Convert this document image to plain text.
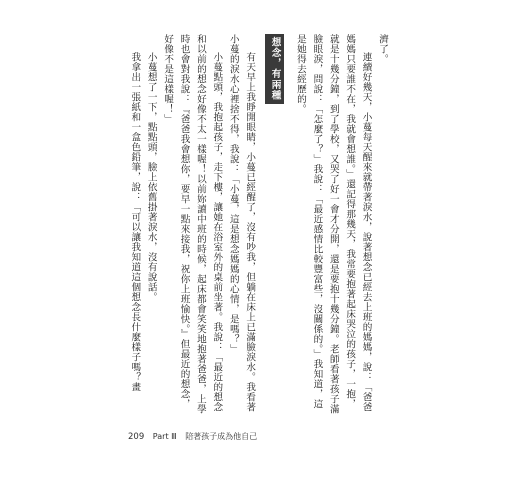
濟了。

連續好幾天，小蔓每天醒來就帶著淚水，說著想念已經去上班的媽媽，說：「爸爸媽媽只要誰不在，我就會想誰。」還記得那幾天，我常要抱著起床哭泣的孩子，一抱，就是十幾分鐘，到了學校，又哭了好一會才分開，還是要抱十幾分鐘。老師看著孩子滿臉眼淚，問說：「怎麼了？」我說：「最近感情比較豐富些，沒關係的。」我知道，這是她得去經歷的。

想念，有兩種

有天早上我睜開眼睛，小蔓已經醒了，沒有吵我，但躺在床上已滿臉淚水。我看著小蔓的淚水心裡捨不得，我說：「小蔓，這是想念媽媽的心情，是嗎？」

小蔓點頭，我抱起孩子，走下樓，讓她在浴室外的桌前坐著。我說：「最近的想念和以前的想念好像不太一樣喔！以前妳讀中班的時候，起床都會笑笑地抱著爸爸，上學時也會對我說：『爸爸我會想你，要早一點來接我，祝你上班愉快。』但最近的想念，好像不是這樣喔！」

小蔓想了一下，點點頭，臉上依舊掛著淚水，沒有說話。

我拿出一張紙和一盒色鉛筆，說：「可以讓我知道這個想念長什麼樣子嗎？畫

209 Part Ⅲ 陪著孩子成為他自己
